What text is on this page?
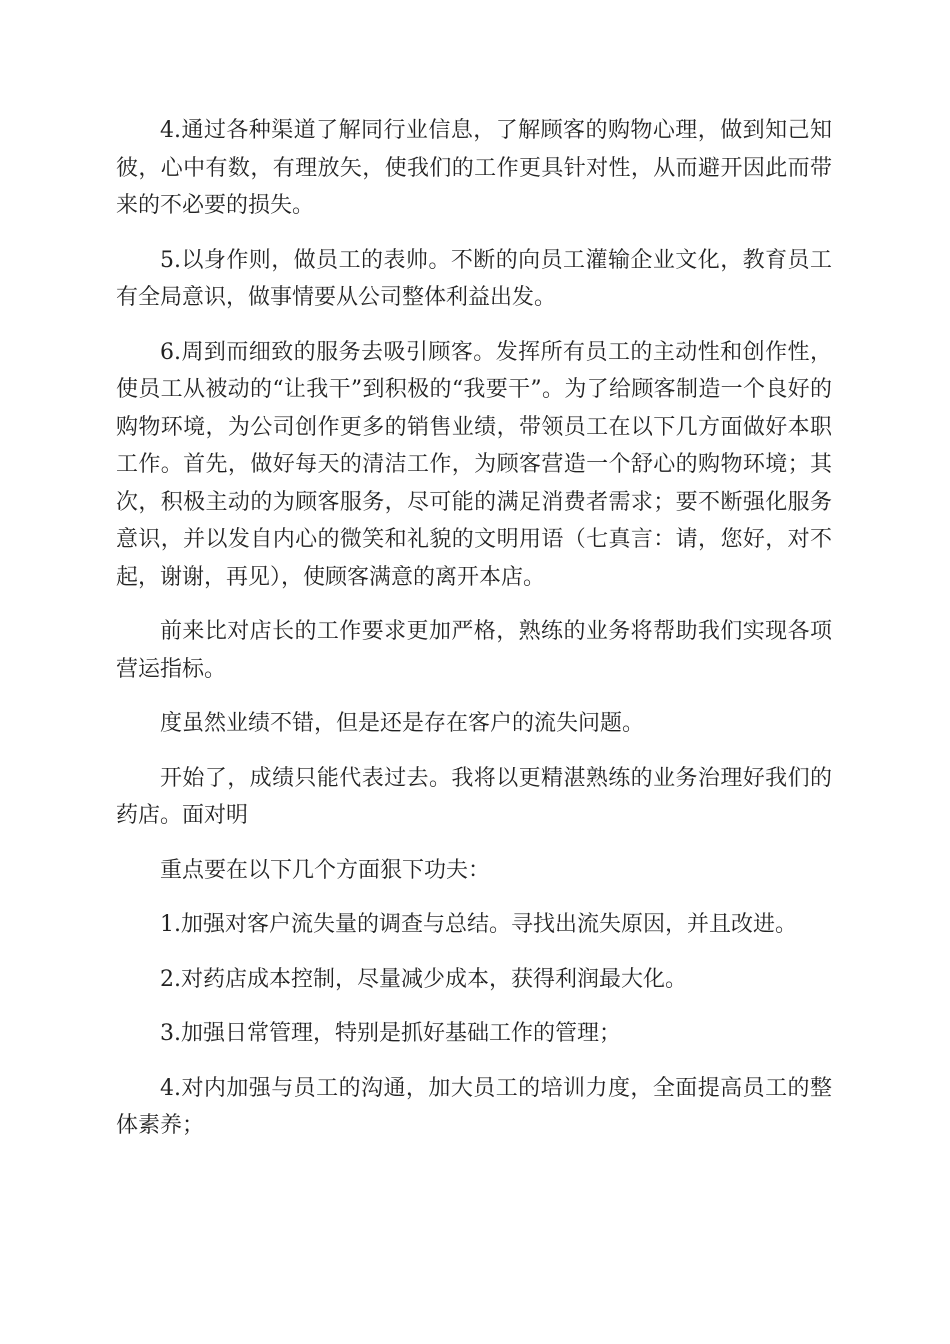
4.通过各种渠道了解同行业信息，了解顾客的购物心理，做到知己知彼，心中有数，有理放矢，使我们的工作更具针对性，从而避开因此而带来的不必要的损失。

5.以身作则，做员工的表帅。不断的向员工灌输企业文化，教育员工有全局意识，做事情要从公司整体利益出发。

6.周到而细致的服务去吸引顾客。发挥所有员工的主动性和创作性，使员工从被动的“让我干”到积极的“我要干”。为了给顾客制造一个良好的购物环境，为公司创作更多的销售业绩，带领员工在以下几方面做好本职工作。首先，做好每天的清洁工作，为顾客营造一个舒心的购物环境；其次，积极主动的为顾客服务，尽可能的满足消费者需求；要不断强化服务意识，并以发自内心的微笑和礼貌的文明用语（七真言：请，您好，对不起，谢谢，再见），使顾客满意的离开本店。

前来比对店长的工作要求更加严格，熟练的业务将帮助我们实现各项营运指标。

度虽然业绩不错，但是还是存在客户的流失问题。

开始了，成绩只能代表过去。我将以更精湛熟练的业务治理好我们的药店。面对明

重点要在以下几个方面狠下功夫：

1.加强对客户流失量的调查与总结。寻找出流失原因，并且改进。

2.对药店成本控制，尽量减少成本，获得利润最大化。

3.加强日常管理，特别是抓好基础工作的管理；

4.对内加强与员工的沟通，加大员工的培训力度，全面提高员工的整体素养；
